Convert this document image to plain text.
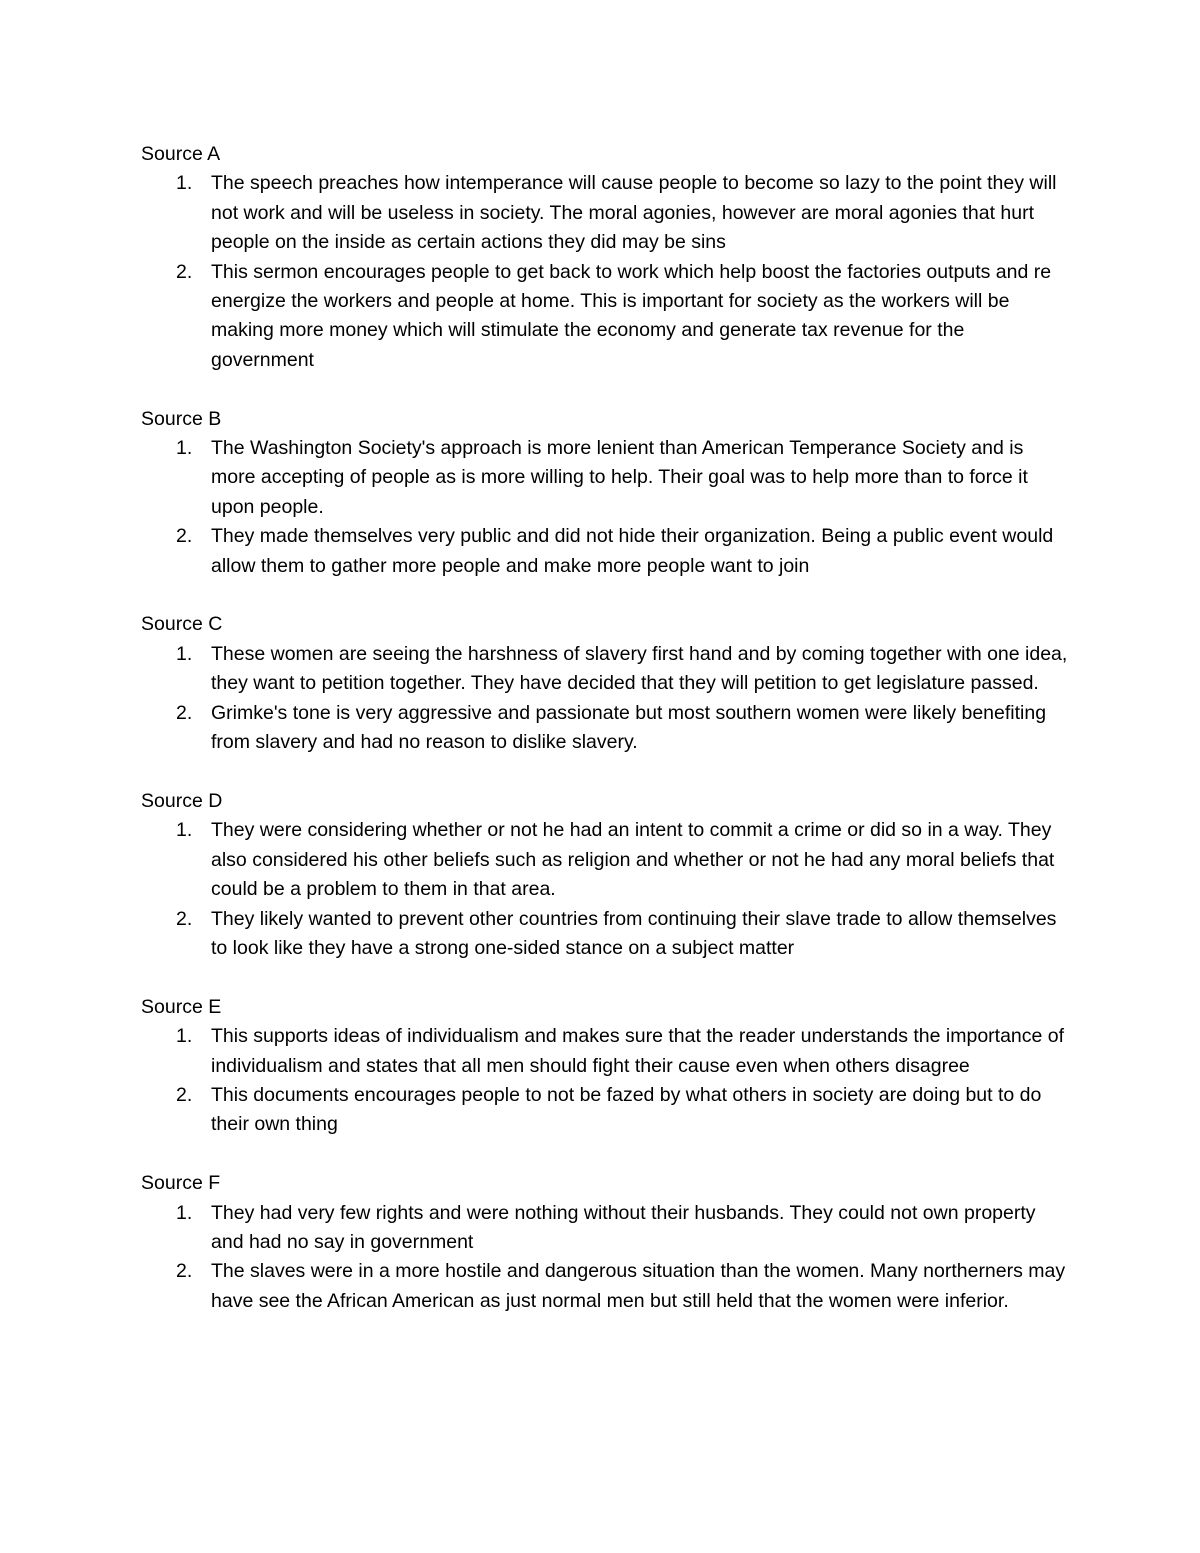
Source A
1. The speech preaches how intemperance will cause people to become so lazy to the point they will not work and will be useless in society. The moral agonies, however are moral agonies that hurt people on the inside as certain actions they did may be sins
2. This sermon encourages people to get back to work which help boost the factories outputs and re energize the workers and people at home. This is important for society as the workers will be making more money which will stimulate the economy and generate tax revenue for the government
Source B
1. The Washington Society's approach is more lenient than American Temperance Society and is more accepting of people as is more willing to help. Their goal was to help more than to force it upon people.
2. They made themselves very public and did not hide their organization. Being a public event would allow them to gather more people and make more people want to join
Source C
1. These women are seeing the harshness of slavery first hand and by coming together with one idea, they want to petition together. They have decided that they will petition to get legislature passed.
2. Grimke's tone is very aggressive and passionate but most southern women were likely benefiting from slavery and had no reason to dislike slavery.
Source D
1. They were considering whether or not he had an intent to commit a crime or did so in a way. They also considered his other beliefs such as religion and whether or not he had any moral beliefs that could be a problem to them in that area.
2. They likely wanted to prevent other countries from continuing their slave trade to allow themselves to look like they have a strong one-sided stance on a subject matter
Source E
1. This supports ideas of individualism and makes sure that the reader understands the importance of individualism and states that all men should fight their cause even when others disagree
2. This documents encourages people to not be fazed by what others in society are doing but to do their own thing
Source F
1. They had very few rights and were nothing without their husbands. They could not own property and had no say in government
2. The slaves were in a more hostile and dangerous situation than the women. Many northerners may have see the African American as just normal men but still held that the women were inferior.
